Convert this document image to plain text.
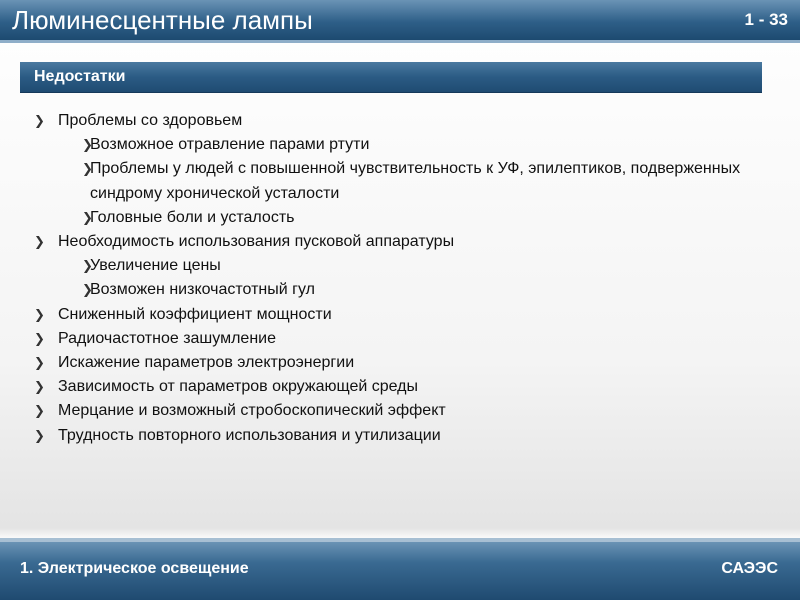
Люминесцентные лампы	1 - 33
Недостатки
❯ Проблемы со здоровьем
❯
Возможное отравление парами ртути
❯
Проблемы у людей с повышенной чувствительность к УФ, эпилептиков, подверженных синдрому хронической усталости
❯
Головные боли и усталость
❯ Необходимость использования пусковой аппаратуры
❯
Увеличение цены
❯
Возможен низкочастотный гул
❯ Сниженный коэффициент мощности
❯ Радиочастотное зашумление
❯ Искажение параметров электроэнергии
❯ Зависимость от параметров окружающей среды
❯ Мерцание и возможный стробоскопический эффект
❯ Трудность повторного использования и утилизации
1. Электрическое освещение	САЭЭС
